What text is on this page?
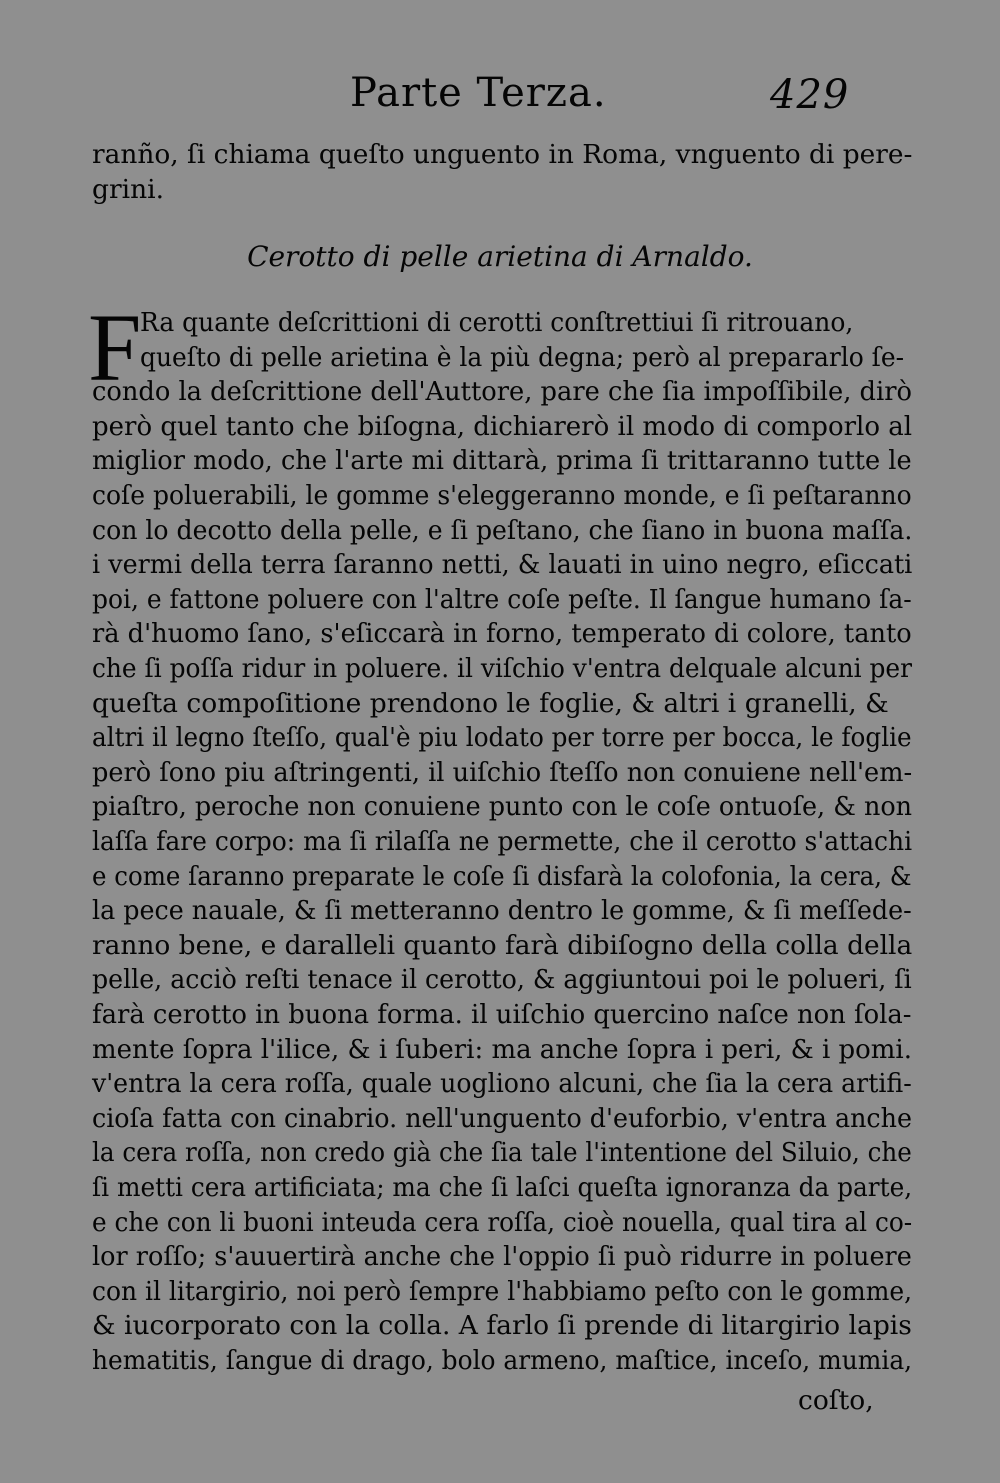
Parte Terza.	429
ranño, ſi chiama queſto unguento in Roma, vnguento di pere-
grini.
Cerotto di pelle arietina di Arnaldo.
F
Ra quante deſcrittioni di cerotti conſtrettiui ſi ritrouano,
queſto di pelle arietina è la più degna; però al prepararlo ſe-
condo la deſcrittione dell'Auttore, pare che ſia impoſſibile, dirò
però quel tanto che biſogna, dichiarerò il modo di comporlo al
miglior modo, che l'arte mi dittarà, prima ſi trittaranno tutte le
coſe poluerabili, le gomme s'eleggeranno monde, e ſi peſtaranno
con lo decotto della pelle, e ſi peſtano, che ſiano in buona maſſa.
i vermi della terra ſaranno netti, & lauati in uino negro, eſiccati
poi, e fattone poluere con l'altre coſe peſte. Il ſangue humano ſa-
rà d'huomo ſano, s'eſiccarà in forno, temperato di colore, tanto
che ſi poſſa ridur in poluere. il viſchio v'entra delquale alcuni per
queſta compoſitione prendono le foglie, & altri i granelli, &
altri il legno ſteſſo, qual'è piu lodato per torre per bocca, le foglie
però ſono piu aſtringenti, il uiſchio ſteſſo non conuiene nell'em-
piaſtro, peroche non conuiene punto con le coſe ontuoſe, & non
laſſa fare corpo: ma ſi rilaſſa ne permette, che il cerotto s'attachi
e come ſaranno preparate le coſe ſi disfarà la colofonia, la cera, &
la pece nauale, & ſi metteranno dentro le gomme, & ſi meſſede-
ranno bene, e daralleli quanto farà dibiſogno della colla della
pelle, acciò reſti tenace il cerotto, & aggiuntoui poi le polueri, ſi
farà cerotto in buona forma. il uiſchio quercino naſce non ſola-
mente ſopra l'ilice, & i ſuberi: ma anche ſopra i peri, & i pomi.
v'entra la cera roſſa, quale uogliono alcuni, che ſia la cera artifi-
cioſa fatta con cinabrio. nell'unguento d'euforbio, v'entra anche
la cera roſſa, non credo già che ſia tale l'intentione del Siluio, che
ſi metti cera artificiata; ma che ſi laſci queſta ignoranza da parte,
e che con li buoni inteuda cera roſſa, cioè nouella, qual tira al co-
lor roſſo; s'auuertirà anche che l'oppio ſi può ridurre in poluere
con il litargirio, noi però ſempre l'habbiamo peſto con le gomme,
& iucorporato con la colla. A farlo ſi prende di litargirio lapis
hematitis, ſangue di drago, bolo armeno, maſtice, inceſo, mumia,
coſto,
